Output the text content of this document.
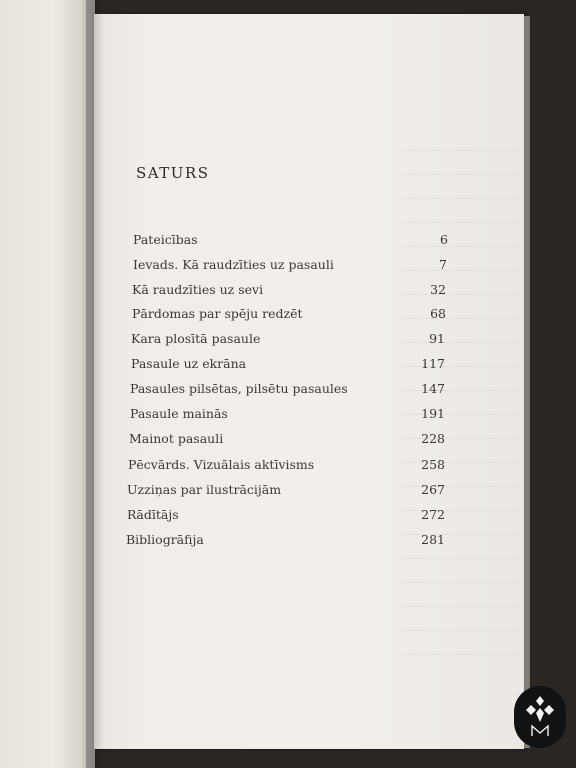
SATURS
Pateicības	6
Ievads. Kā raudzīties uz pasauli	7
Kā raudzīties uz sevi	32
Pārdomas par spēju redzēt	68
Kara plosītā pasaule	91
Pasaule uz ekrāna	117
Pasaules pilsētas, pilsētu pasaules	147
Pasaule mainās	191
Mainot pasauli	228
Pēcvārds. Vizuālais aktīvisms	258
Uzziņas par ilustrācijām	267
Rādītājs	272
Bibliogrāfija	281
